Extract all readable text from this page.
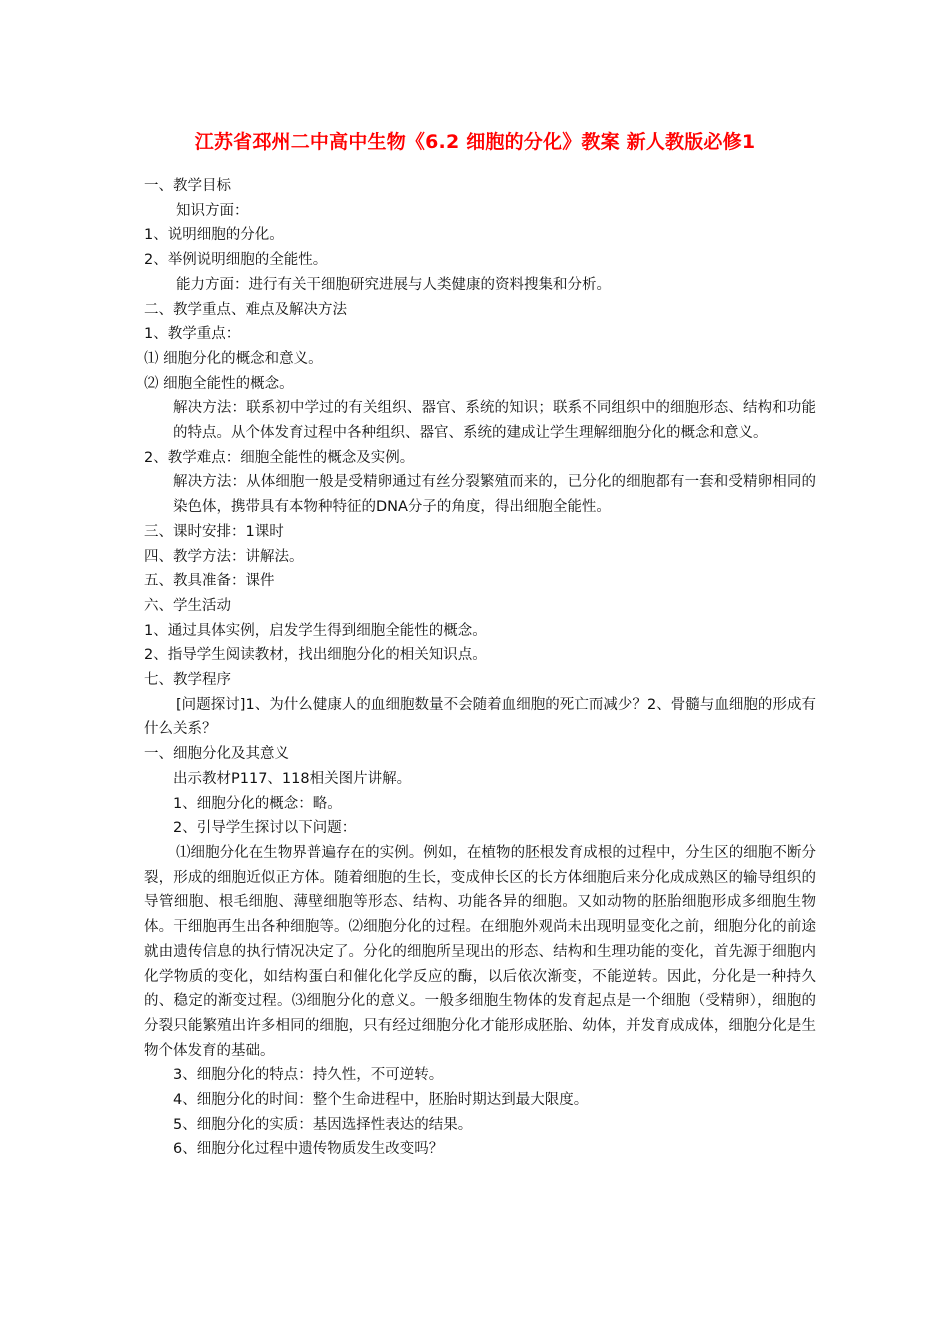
江苏省邳州二中高中生物《6.2 细胞的分化》教案 新人教版必修1

一、教学目标

知识方面：

1、说明细胞的分化。

2、举例说明细胞的全能性。

能力方面：进行有关干细胞研究进展与人类健康的资料搜集和分析。

二、教学重点、难点及解决方法

1、教学重点：

⑴ 细胞分化的概念和意义。

⑵ 细胞全能性的概念。

解决方法：联系初中学过的有关组织、器官、系统的知识；联系不同组织中的细胞形态、结构和功能的特点。从个体发育过程中各种组织、器官、系统的建成让学生理解细胞分化的概念和意义。

2、教学难点：细胞全能性的概念及实例。

解决方法：从体细胞一般是受精卵通过有丝分裂繁殖而来的，已分化的细胞都有一套和受精卵相同的染色体，携带具有本物种特征的DNA分子的角度，得出细胞全能性。

三、课时安排：1课时

四、教学方法：讲解法。

五、教具准备：课件

六、学生活动

1、通过具体实例，启发学生得到细胞全能性的概念。

2、指导学生阅读教材，找出细胞分化的相关知识点。

七、教学程序

[问题探讨]1、为什么健康人的血细胞数量不会随着血细胞的死亡而减少？2、骨髓与血细胞的形成有什么关系？

一、细胞分化及其意义

出示教材P117、118相关图片讲解。

1、细胞分化的概念：略。

2、引导学生探讨以下问题：

⑴细胞分化在生物界普遍存在的实例。例如，在植物的胚根发育成根的过程中，分生区的细胞不断分裂，形成的细胞近似正方体。随着细胞的生长，变成伸长区的长方体细胞后来分化成成熟区的输导组织的导管细胞、根毛细胞、薄壁细胞等形态、结构、功能各异的细胞。又如动物的胚胎细胞形成多细胞生物体。干细胞再生出各种细胞等。⑵细胞分化的过程。在细胞外观尚未出现明显变化之前，细胞分化的前途就由遗传信息的执行情况决定了。分化的细胞所呈现出的形态、结构和生理功能的变化，首先源于细胞内化学物质的变化，如结构蛋白和催化化学反应的酶，以后依次渐变，不能逆转。因此，分化是一种持久的、稳定的渐变过程。⑶细胞分化的意义。一般多细胞生物体的发育起点是一个细胞（受精卵），细胞的分裂只能繁殖出许多相同的细胞，只有经过细胞分化才能形成胚胎、幼体，并发育成成体，细胞分化是生物个体发育的基础。

3、细胞分化的特点：持久性，不可逆转。

4、细胞分化的时间：整个生命进程中，胚胎时期达到最大限度。

5、细胞分化的实质：基因选择性表达的结果。

6、细胞分化过程中遗传物质发生改变吗？
